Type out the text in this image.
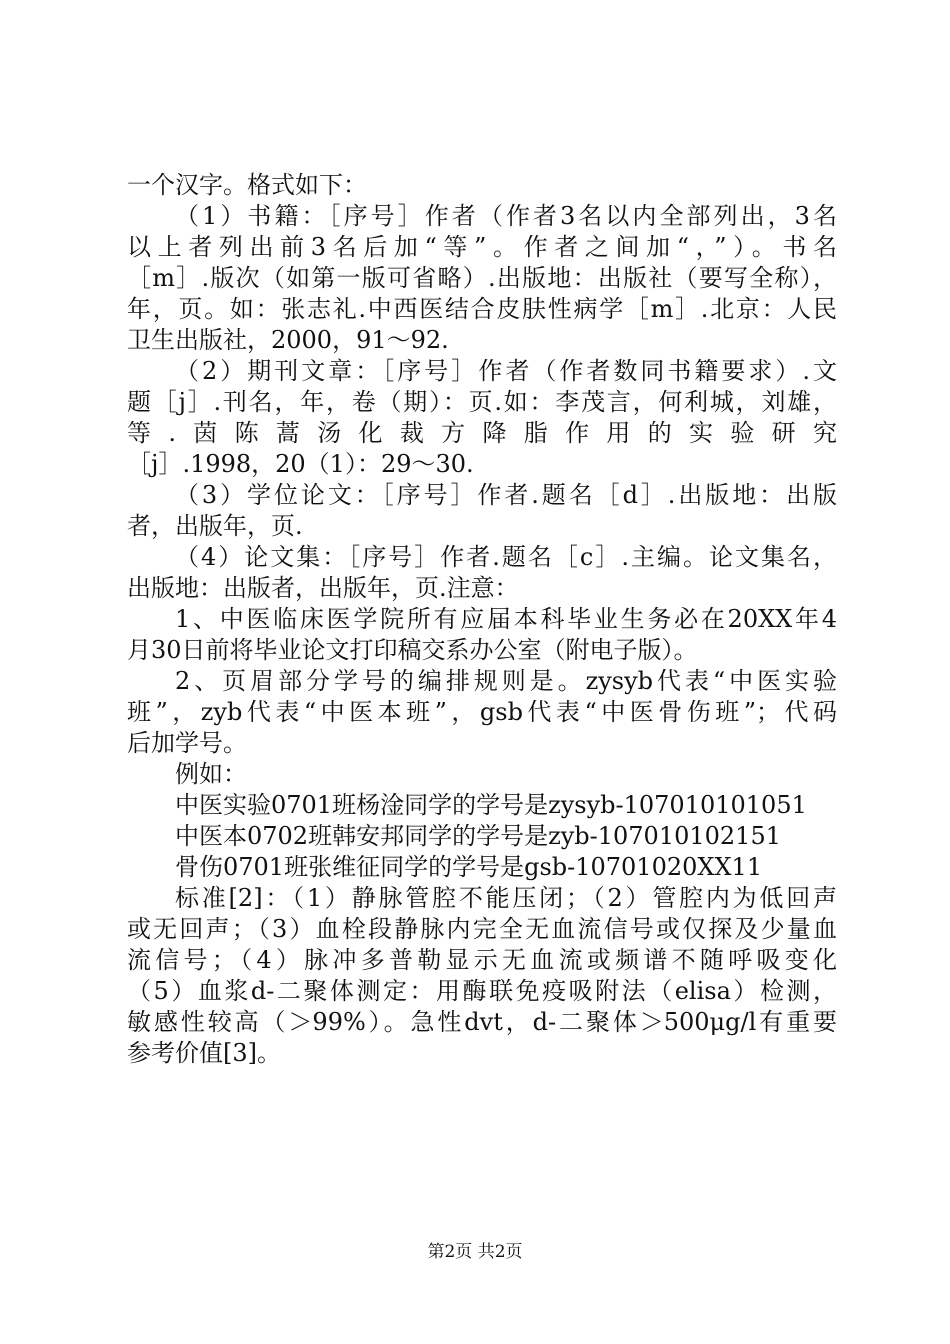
一个汉字。格式如下：
（1）书籍：［序号］作者（作者3名以内全部列出，3名
以上者列出前3名后加“等”。作者之间加“，”）。书名
［m］.版次（如第一版可省略）.出版地：出版社（要写全称），
年，页。如：张志礼.中西医结合皮肤性病学［m］.北京：人民
卫生出版社，2000，91～92.
（2）期刊文章：［序号］作者（作者数同书籍要求）.文
题［j］.刊名，年，卷（期）：页.如：李茂言，何利城，刘雄，
等.茵陈蒿汤化裁方降脂作用的实验研究
［j］.1998，20（1）：29～30.
（3）学位论文：［序号］作者.题名［d］.出版地：出版
者，出版年，页.
（4）论文集：［序号］作者.题名［c］.主编。论文集名，
出版地：出版者，出版年，页.注意：
1、中医临床医学院所有应届本科毕业生务必在20XX年4
月30日前将毕业论文打印稿交系办公室（附电子版）。
2、页眉部分学号的编排规则是。zysyb代表“中医实验
班”，zyb代表“中医本班”，gsb代表“中医骨伤班”；代码
后加学号。
例如：
中医实验0701班杨淦同学的学号是zysyb-107010101051
中医本0702班韩安邦同学的学号是zyb-107010102151
骨伤0701班张维征同学的学号是gsb-10701020XX11
标准[2]：（1）静脉管腔不能压闭；（2）管腔内为低回声
或无回声；（3）血栓段静脉内完全无血流信号或仅探及少量血
流信号；（4）脉冲多普勒显示无血流或频谱不随呼吸变化
（5）血浆d-二聚体测定：用酶联免疫吸附法（elisa）检测，
敏感性较高（＞99%）。急性dvt，d-二聚体＞500μg/l有重要
参考价值[3]。
第2页 共2页
